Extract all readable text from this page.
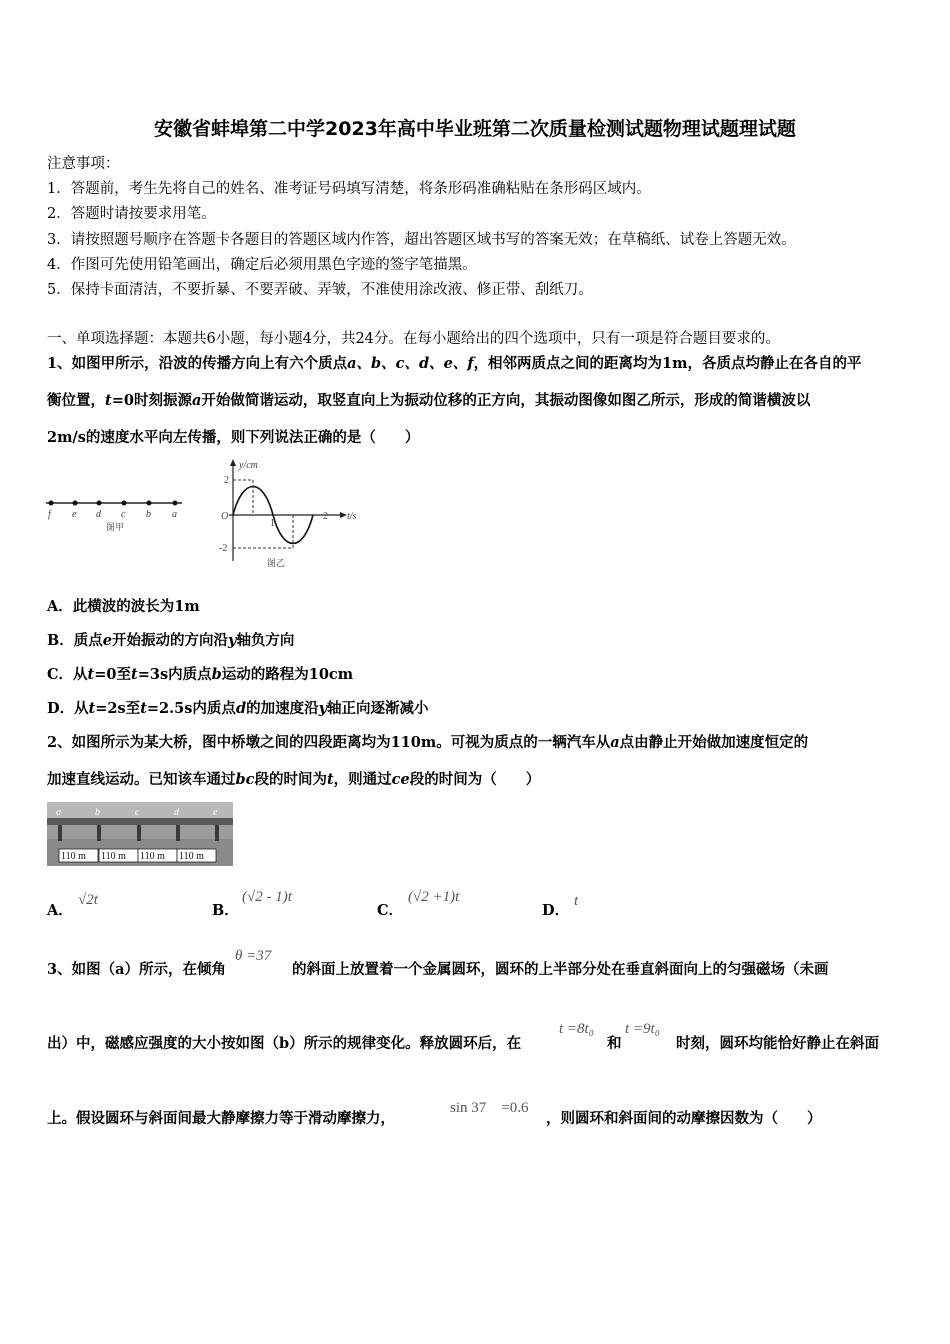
安徽省蚌埠第二中学2023年高中毕业班第二次质量检测试题物理试题理试题
注意事项：
1．答题前，考生先将自己的姓名、准考证号码填写清楚，将条形码准确粘贴在条形码区域内。
2．答题时请按要求用笔。
3．请按照题号顺序在答题卡各题目的答题区域内作答，超出答题区域书写的答案无效；在草稿纸、试卷上答题无效。
4．作图可先使用铅笔画出，确定后必须用黑色字迹的签字笔描黑。
5．保持卡面清洁，不要折暴、不要弄破、弄皱，不准使用涂改液、修正带、刮纸刀。
一、单项选择题：本题共6小题，每小题4分，共24分。在每小题给出的四个选项中，只有一项是符合题目要求的。
1、如图甲所示，沿波的传播方向上有六个质点a、b、c、d、e、f，相邻两质点之间的距离均为1m，各质点均静止在各自的平
衡位置，t=0时刻振源a开始做简谐运动，取竖直向上为振动位移的正方向，其振动图像如图乙所示，形成的简谐横波以
2m/s的速度水平向左传播，则下列说法正确的是（　　）
f e d c b a
图甲
y/cm
t/s
O
2
-2
1
2
图乙
A．此横波的波长为1m
B．质点e开始振动的方向沿y轴负方向
C．从t=0至t=3s内质点b运动的路程为10cm
D．从t=2s至t=2.5s内质点d的加速度沿y轴正向逐渐减小
2、如图所示为某大桥，图中桥墩之间的四段距离均为110m。可视为质点的一辆汽车从a点由静止开始做加速度恒定的
加速直线运动。已知该车通过bc段的时间为t，则通过ce段的时间为（　　）
a	b	c	d	e
110 m 110 m 110 m 110 m
A．
√2t
B．
(√2 - 1)t
C．
(√2 +1)t
D．
t
3、如图（a）所示，在倾角
θ =37
的斜面上放置着一个金属圆环，圆环的上半部分处在垂直斜面向上的匀强磁场（未画
出）中，磁感应强度的大小按如图（b）所示的规律变化。释放圆环后，在
t =8t₀
和
t =9t₀
时刻，圆环均能恰好静止在斜面
上。假设圆环与斜面间最大静摩擦力等于滑动摩擦力，
sin 37　=0.6
，则圆环和斜面间的动摩擦因数为（　　）
